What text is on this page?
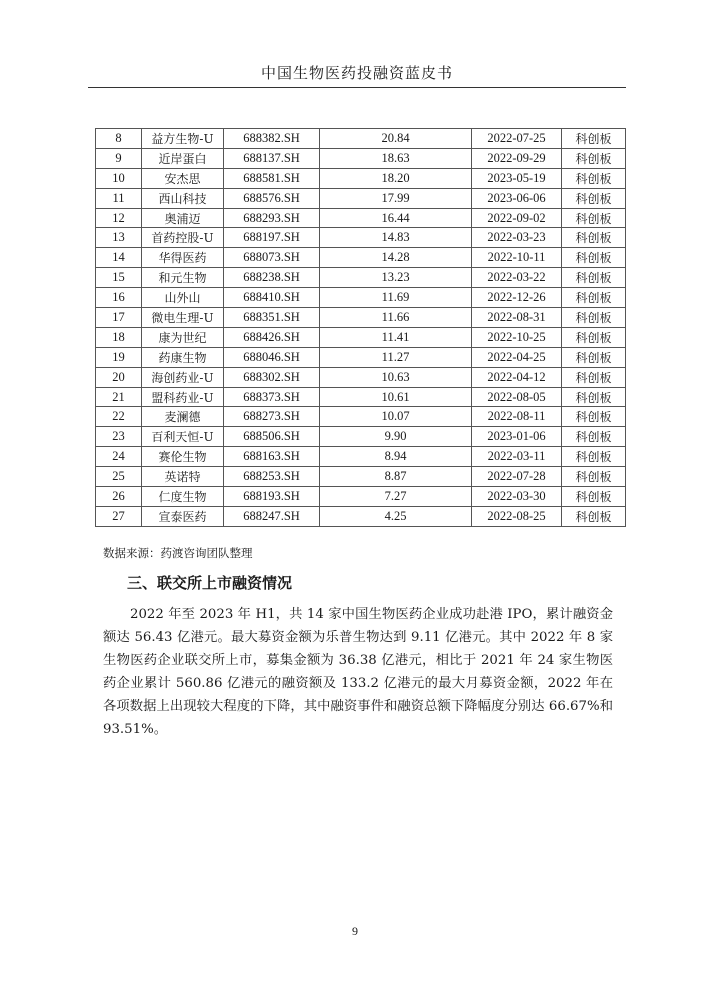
中国生物医药投融资蓝皮书
8	益方生物-U	688382.SH	20.84	2022-07-25	科创板
9	近岸蛋白	688137.SH	18.63	2022-09-29	科创板
10	安杰思	688581.SH	18.20	2023-05-19	科创板
11	西山科技	688576.SH	17.99	2023-06-06	科创板
12	奥浦迈	688293.SH	16.44	2022-09-02	科创板
13	首药控股-U	688197.SH	14.83	2022-03-23	科创板
14	华得医药	688073.SH	14.28	2022-10-11	科创板
15	和元生物	688238.SH	13.23	2022-03-22	科创板
16	山外山	688410.SH	11.69	2022-12-26	科创板
17	微电生理-U	688351.SH	11.66	2022-08-31	科创板
18	康为世纪	688426.SH	11.41	2022-10-25	科创板
19	药康生物	688046.SH	11.27	2022-04-25	科创板
20	海创药业-U	688302.SH	10.63	2022-04-12	科创板
21	盟科药业-U	688373.SH	10.61	2022-08-05	科创板
22	麦澜德	688273.SH	10.07	2022-08-11	科创板
23	百利天恒-U	688506.SH	9.90	2023-01-06	科创板
24	赛伦生物	688163.SH	8.94	2022-03-11	科创板
25	英诺特	688253.SH	8.87	2022-07-28	科创板
26	仁度生物	688193.SH	7.27	2022-03-30	科创板
27	宣泰医药	688247.SH	4.25	2022-08-25	科创板
数据来源：药渡咨询团队整理
三、联交所上市融资情况
2022 年至 2023 年 H1，共 14 家中国生物医药企业成功赴港 IPO，累计融资金额达 56.43 亿港元。最大募资金额为乐普生物达到 9.11 亿港元。其中 2022 年 8 家生物医药企业联交所上市，募集金额为 36.38 亿港元，相比于 2021 年 24 家生物医药企业累计 560.86 亿港元的融资额及 133.2 亿港元的最大月募资金额，2022 年在各项数据上出现较大程度的下降，其中融资事件和融资总额下降幅度分别达 66.67%和 93.51%。
9
